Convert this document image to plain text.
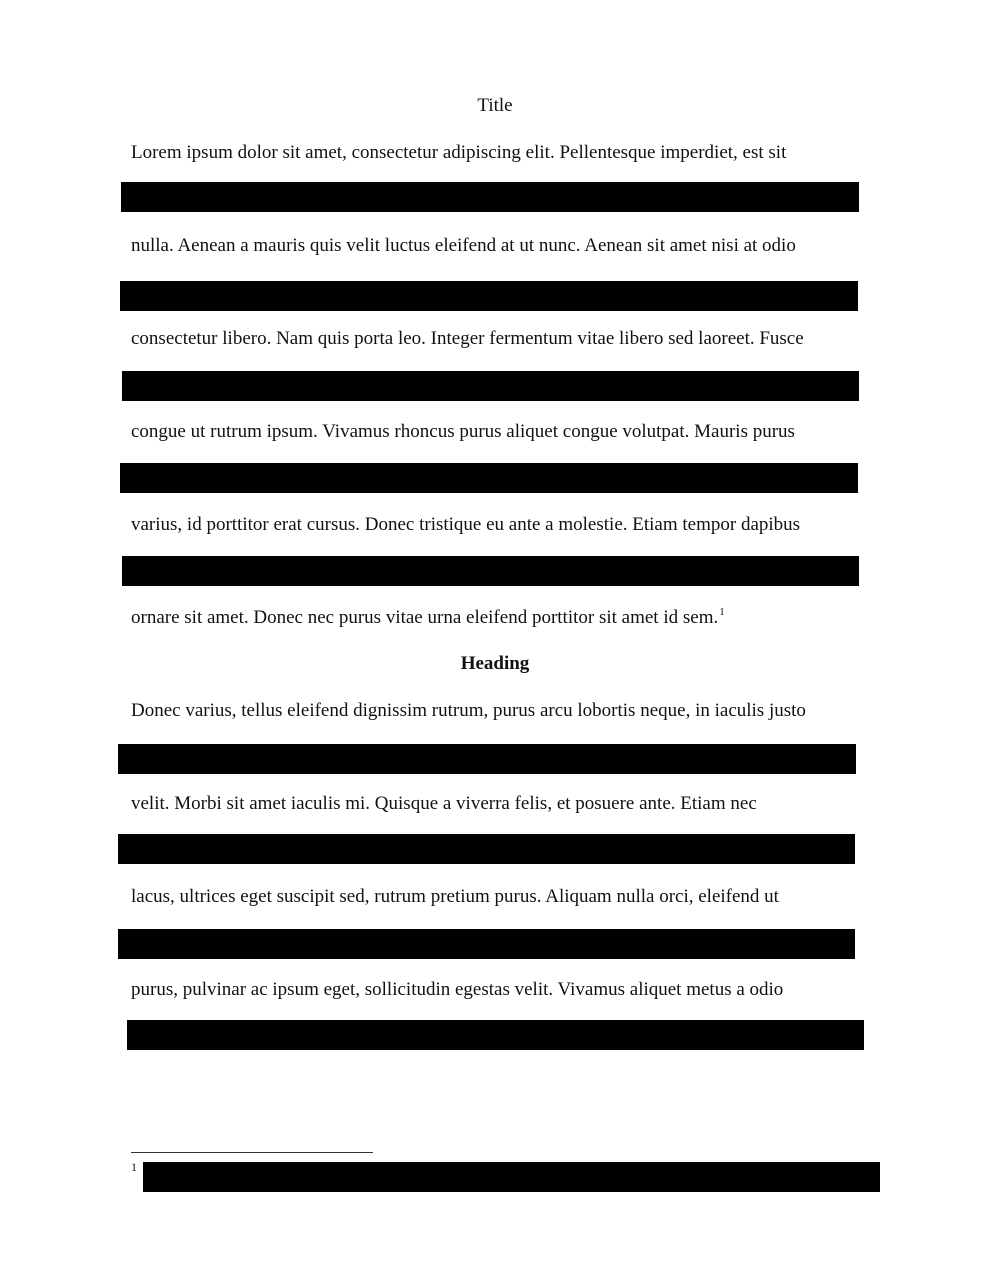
Title
Lorem ipsum dolor sit amet, consectetur adipiscing elit. Pellentesque imperdiet, est sit
nulla. Aenean a mauris quis velit luctus eleifend at ut nunc. Aenean sit amet nisi at odio
consectetur libero. Nam quis porta leo. Integer fermentum vitae libero sed laoreet. Fusce
congue ut rutrum ipsum. Vivamus rhoncus purus aliquet congue volutpat. Mauris purus
varius, id porttitor erat cursus. Donec tristique eu ante a molestie. Etiam tempor dapibus
ornare sit amet. Donec nec purus vitae urna eleifend porttitor sit amet id sem.$^1$
Heading
Donec varius, tellus eleifend dignissim rutrum, purus arcu lobortis neque, in iaculis justo
velit. Morbi sit amet iaculis mi. Quisque a viverra felis, et posuere ante. Etiam nec
lacus, ultrices eget suscipit sed, rutrum pretium purus. Aliquam nulla orci, eleifend ut
purus, pulvinar ac ipsum eget, sollicitudin egestas velit. Vivamus aliquet metus a odio
1
